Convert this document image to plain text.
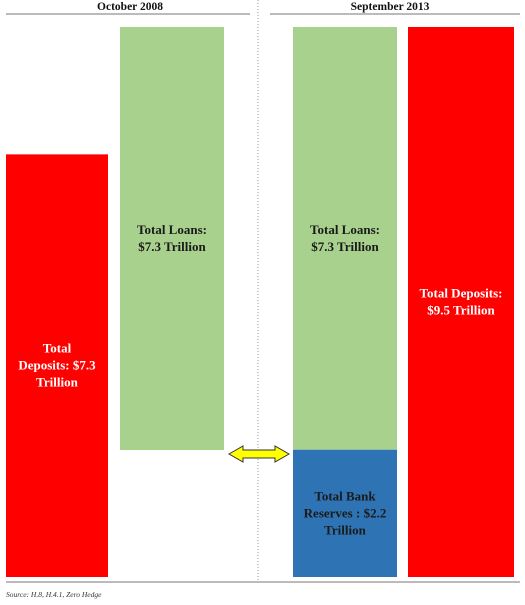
October 2008	September 2013
Total
Deposits: $7.3
Trillion
Total Loans:
$7.3 Trillion
Total Bank
Reserves : $2.2
Trillion
Total Loans:
$7.3 Trillion
Total Deposits:
$9.5 Trillion
Source: H.8, H.4.1, Zero Hedge
